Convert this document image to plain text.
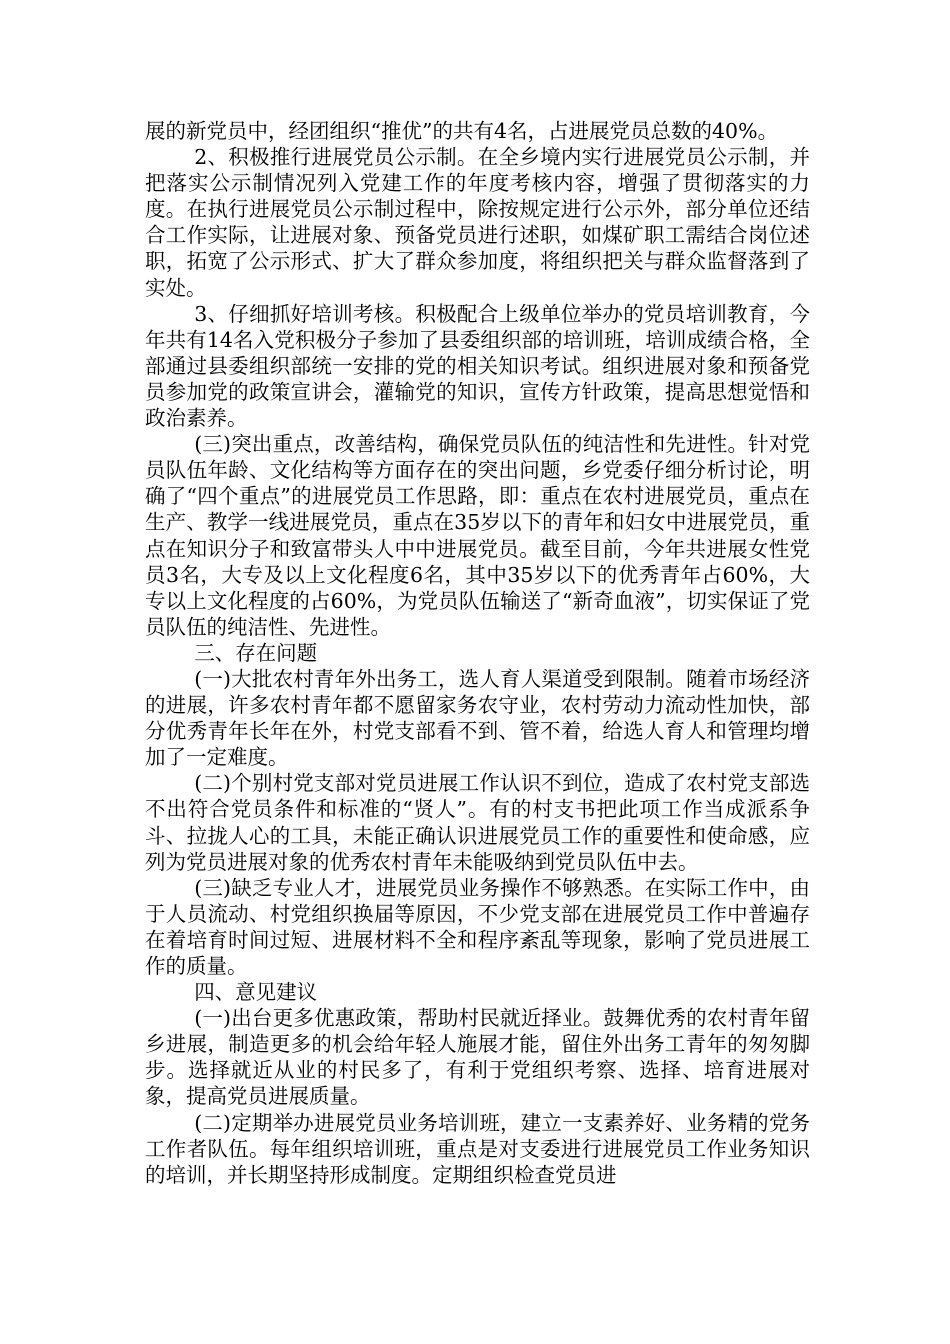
展的新党员中，经团组织“推优”的共有4名，占进展党员总数的40%。

2、积极推行进展党员公示制。在全乡境内实行进展党员公示制，并把落实公示制情况列入党建工作的年度考核内容，增强了贯彻落实的力度。在执行进展党员公示制过程中，除按规定进行公示外，部分单位还结合工作实际，让进展对象、预备党员进行述职，如煤矿职工需结合岗位述职，拓宽了公示形式、扩大了群众参加度，将组织把关与群众监督落到了实处。

3、仔细抓好培训考核。积极配合上级单位举办的党员培训教育，今年共有14名入党积极分子参加了县委组织部的培训班，培训成绩合格，全部通过县委组织部统一安排的党的相关知识考试。组织进展对象和预备党员参加党的政策宣讲会，灌输党的知识，宣传方针政策，提高思想觉悟和政治素养。

(三)突出重点，改善结构，确保党员队伍的纯洁性和先进性。针对党员队伍年龄、文化结构等方面存在的突出问题，乡党委仔细分析讨论，明确了“四个重点”的进展党员工作思路，即：重点在农村进展党员，重点在生产、教学一线进展党员，重点在35岁以下的青年和妇女中进展党员，重点在知识分子和致富带头人中中进展党员。截至目前，今年共进展女性党员3名，大专及以上文化程度6名，其中35岁以下的优秀青年占60%，大专以上文化程度的占60%，为党员队伍输送了“新奇血液”，切实保证了党员队伍的纯洁性、先进性。

三、存在问题

(一)大批农村青年外出务工，选人育人渠道受到限制。随着市场经济的进展，许多农村青年都不愿留家务农守业，农村劳动力流动性加快，部分优秀青年长年在外，村党支部看不到、管不着，给选人育人和管理均增加了一定难度。

(二)个别村党支部对党员进展工作认识不到位，造成了农村党支部选不出符合党员条件和标准的“贤人”。有的村支书把此项工作当成派系争斗、拉拢人心的工具，未能正确认识进展党员工作的重要性和使命感，应列为党员进展对象的优秀农村青年未能吸纳到党员队伍中去。

(三)缺乏专业人才，进展党员业务操作不够熟悉。在实际工作中，由于人员流动、村党组织换届等原因，不少党支部在进展党员工作中普遍存在着培育时间过短、进展材料不全和程序紊乱等现象，影响了党员进展工作的质量。

四、意见建议

(一)出台更多优惠政策，帮助村民就近择业。鼓舞优秀的农村青年留乡进展，制造更多的机会给年轻人施展才能，留住外出务工青年的匆匆脚步。选择就近从业的村民多了，有利于党组织考察、选择、培育进展对象，提高党员进展质量。

(二)定期举办进展党员业务培训班，建立一支素养好、业务精的党务工作者队伍。每年组织培训班，重点是对支委进行进展党员工作业务知识的培训，并长期坚持形成制度。定期组织检查党员进
